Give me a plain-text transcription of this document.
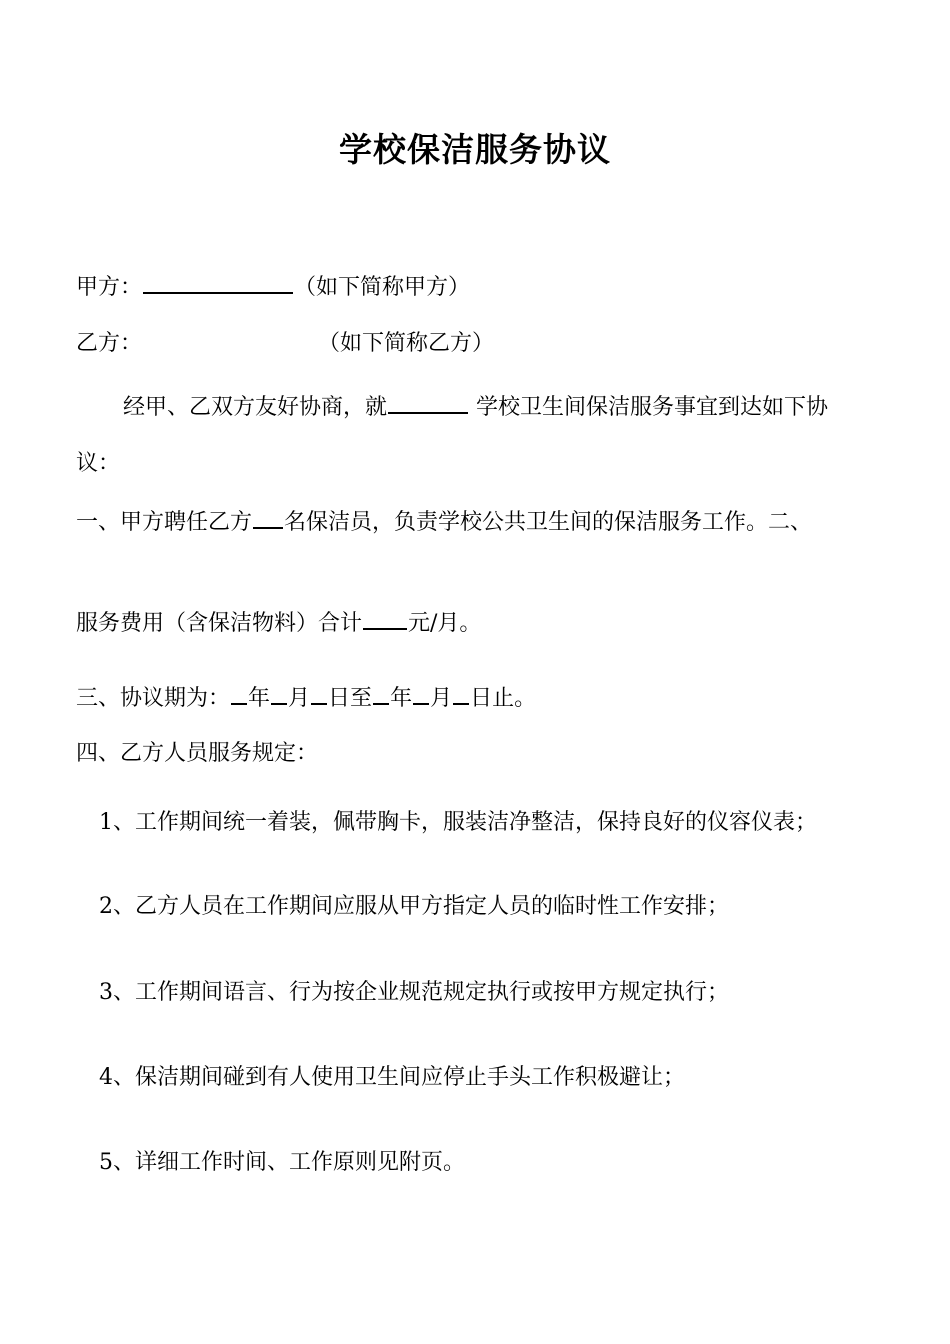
学校保洁服务协议
甲方：	（如下简称甲方）
乙方：	（如下简称乙方）
经甲、乙双方友好协商，就	学校卫生间保洁服务事宜到达如下协
议：
一、甲方聘任乙方 名保洁员，负责学校公共卫生间的保洁服务工作。二、
服务费用（含保洁物料）合计 元/月。
三、协议期为： 年 月 日至 年 月 日止。
四、乙方人员服务规定：
1、工作期间统一着装，佩带胸卡，服装洁净整洁，保持良好的仪容仪表；
2、乙方人员在工作期间应服从甲方指定人员的临时性工作安排；
3、工作期间语言、行为按企业规范规定执行或按甲方规定执行；
4、保洁期间碰到有人使用卫生间应停止手头工作积极避让；
5、详细工作时间、工作原则见附页。
